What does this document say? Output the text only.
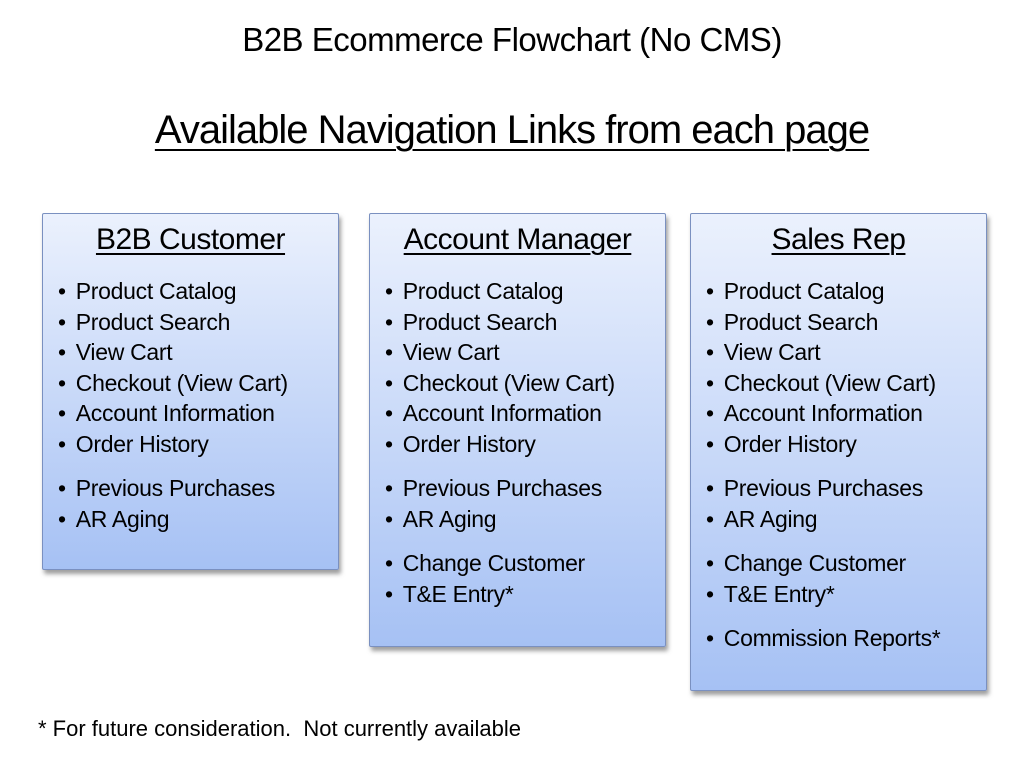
B2B Ecommerce Flowchart (No CMS)
Available Navigation Links from each page
B2B Customer
• Product Catalog
• Product Search
• View Cart
• Checkout (View Cart)
• Account Information
• Order History
• Previous Purchases
• AR Aging
Account Manager
• Product Catalog
• Product Search
• View Cart
• Checkout (View Cart)
• Account Information
• Order History
• Previous Purchases
• AR Aging
• Change Customer
• T&E Entry*
Sales Rep
• Product Catalog
• Product Search
• View Cart
• Checkout (View Cart)
• Account Information
• Order History
• Previous Purchases
• AR Aging
• Change Customer
• T&E Entry*
• Commission Reports*
* For future consideration.  Not currently available
